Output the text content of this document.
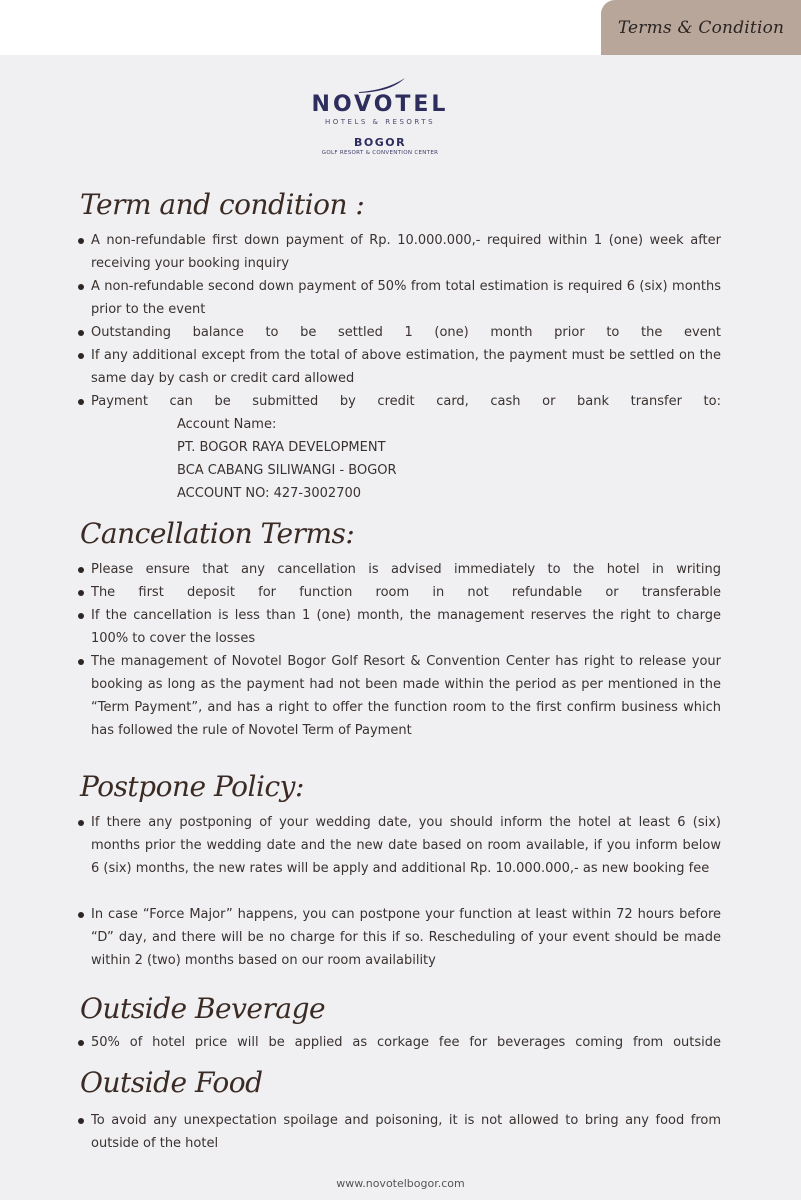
Terms & Condition
NOVOTEL
HOTELS & RESORTS
BOGOR
GOLF RESORT & CONVENTION CENTER
Term and condition :
A non-refundable first down payment of Rp. 10.000.000,- required within 1 (one) week after receiving your booking inquiry
A non-refundable second down payment of 50% from total estimation is required 6 (six) months prior to the event
Outstanding balance to be settled 1 (one) month prior to the event
If any additional except from the total of above estimation, the payment must be settled on the same day by cash or credit card allowed
Payment can be submitted by credit card, cash or bank transfer to:
Account Name:
PT. BOGOR RAYA DEVELOPMENT
BCA CABANG SILIWANGI - BOGOR
ACCOUNT NO: 427-3002700
Cancellation Terms:
Please ensure that any cancellation is advised immediately to the hotel in writing
The first deposit for function room in not refundable or transferable
If the cancellation is less than 1 (one) month, the management reserves the right to charge 100% to cover the losses
The management of Novotel Bogor Golf Resort & Convention Center has right to release your booking as long as the payment had not been made within the period as per mentioned in the “Term Payment”, and has a right to offer the function room to the first confirm business which has followed the rule of Novotel Term of Payment
Postpone Policy:
If there any postponing of your wedding date, you should inform the hotel at least 6 (six) months prior the wedding date and the new date based on room available, if you inform below 6 (six) months, the new rates will be apply and additional Rp. 10.000.000,- as new booking fee
In case “Force Major” happens, you can postpone your function at least within 72 hours before “D” day, and there will be no charge for this if so. Rescheduling of your event should be made within 2 (two) months based on our room availability
Outside Beverage
50% of hotel price will be applied as corkage fee for beverages coming from outside
Outside Food
To avoid any unexpectation spoilage and poisoning, it is not allowed to bring any food from outside of the hotel
www.novotelbogor.com
